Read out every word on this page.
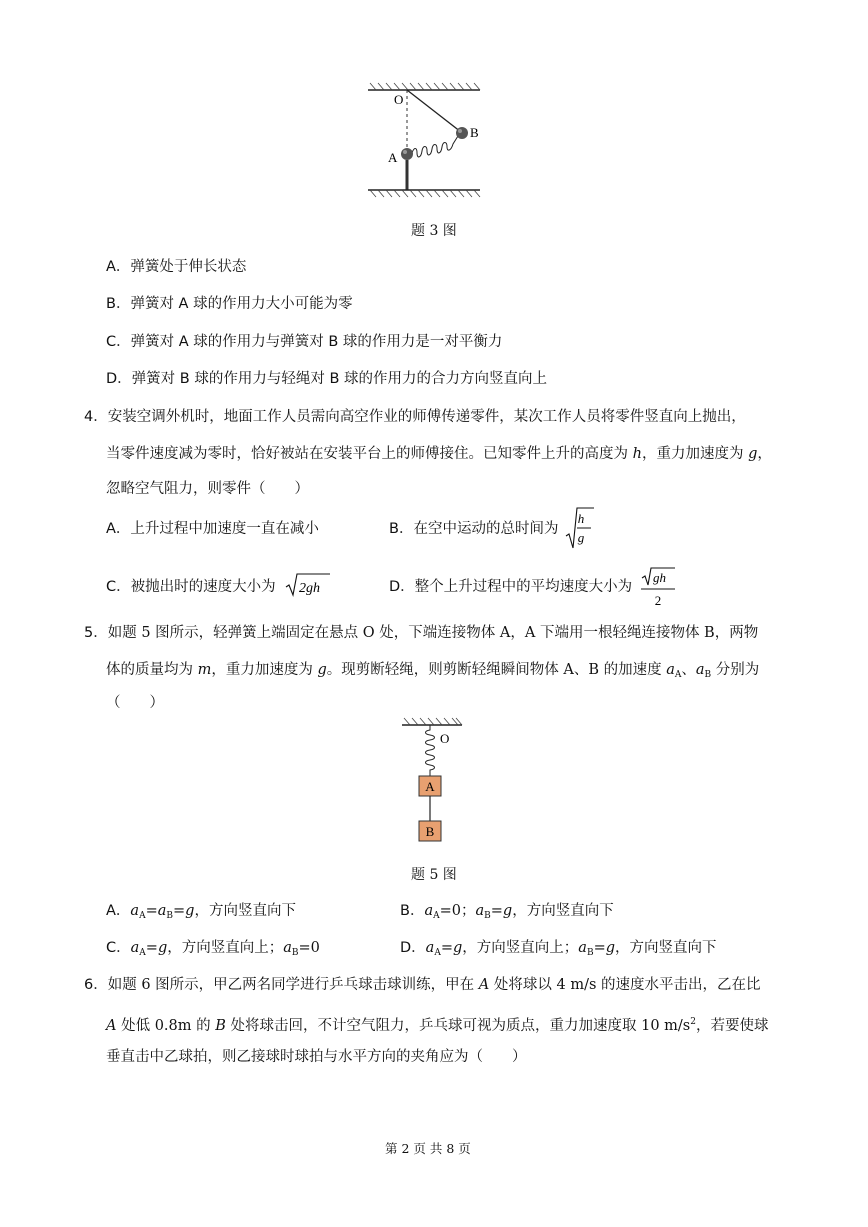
O
A
B
题 3 图
A．弹簧处于伸长状态
B．弹簧对 A 球的作用力大小可能为零
C．弹簧对 A 球的作用力与弹簧对 B 球的作用力是一对平衡力
D．弹簧对 B 球的作用力与轻绳对 B 球的作用力的合力方向竖直向上
4．安装空调外机时，地面工作人员需向高空作业的师傅传递零件，某次工作人员将零件竖直向上抛出，
当零件速度减为零时，恰好被站在安装平台上的师傅接住。已知零件上升的高度为 h，重力加速度为 g，
忽略空气阻力，则零件（　　）
A．上升过程中加速度一直在减小	B．在空中运动的总时间为
h
g
C．被抛出时的速度大小为 2gh	D．整个上升过程中的平均速度大小为
gh
2
5．如题 5 图所示，轻弹簧上端固定在悬点 O 处，下端连接物体 A，A 下端用一根轻绳连接物体 B，两物
体的质量均为 m，重力加速度为 g。现剪断轻绳，则剪断轻绳瞬间物体 A、B 的加速度 $a_A$、$a_B$ 分别为
（　　）
O
A
B
题 5 图
A．$a_A=a_B=g$，方向竖直向下	B．$a_A=0$；$a_B=g$，方向竖直向下
C．$a_A=g$，方向竖直向上；$a_B=0$	D．$a_A=g$，方向竖直向上；$a_B=g$，方向竖直向下
6．如题 6 图所示，甲乙两名同学进行乒乓球击球训练，甲在 A 处将球以 4 m/s 的速度水平击出，乙在比
A 处低 0.8m 的 B 处将球击回，不计空气阻力，乒乓球可视为质点，重力加速度取 10 $m/s^2$，若要使球
垂直击中乙球拍，则乙接球时球拍与水平方向的夹角应为（　　）
第 2 页 共 8 页
